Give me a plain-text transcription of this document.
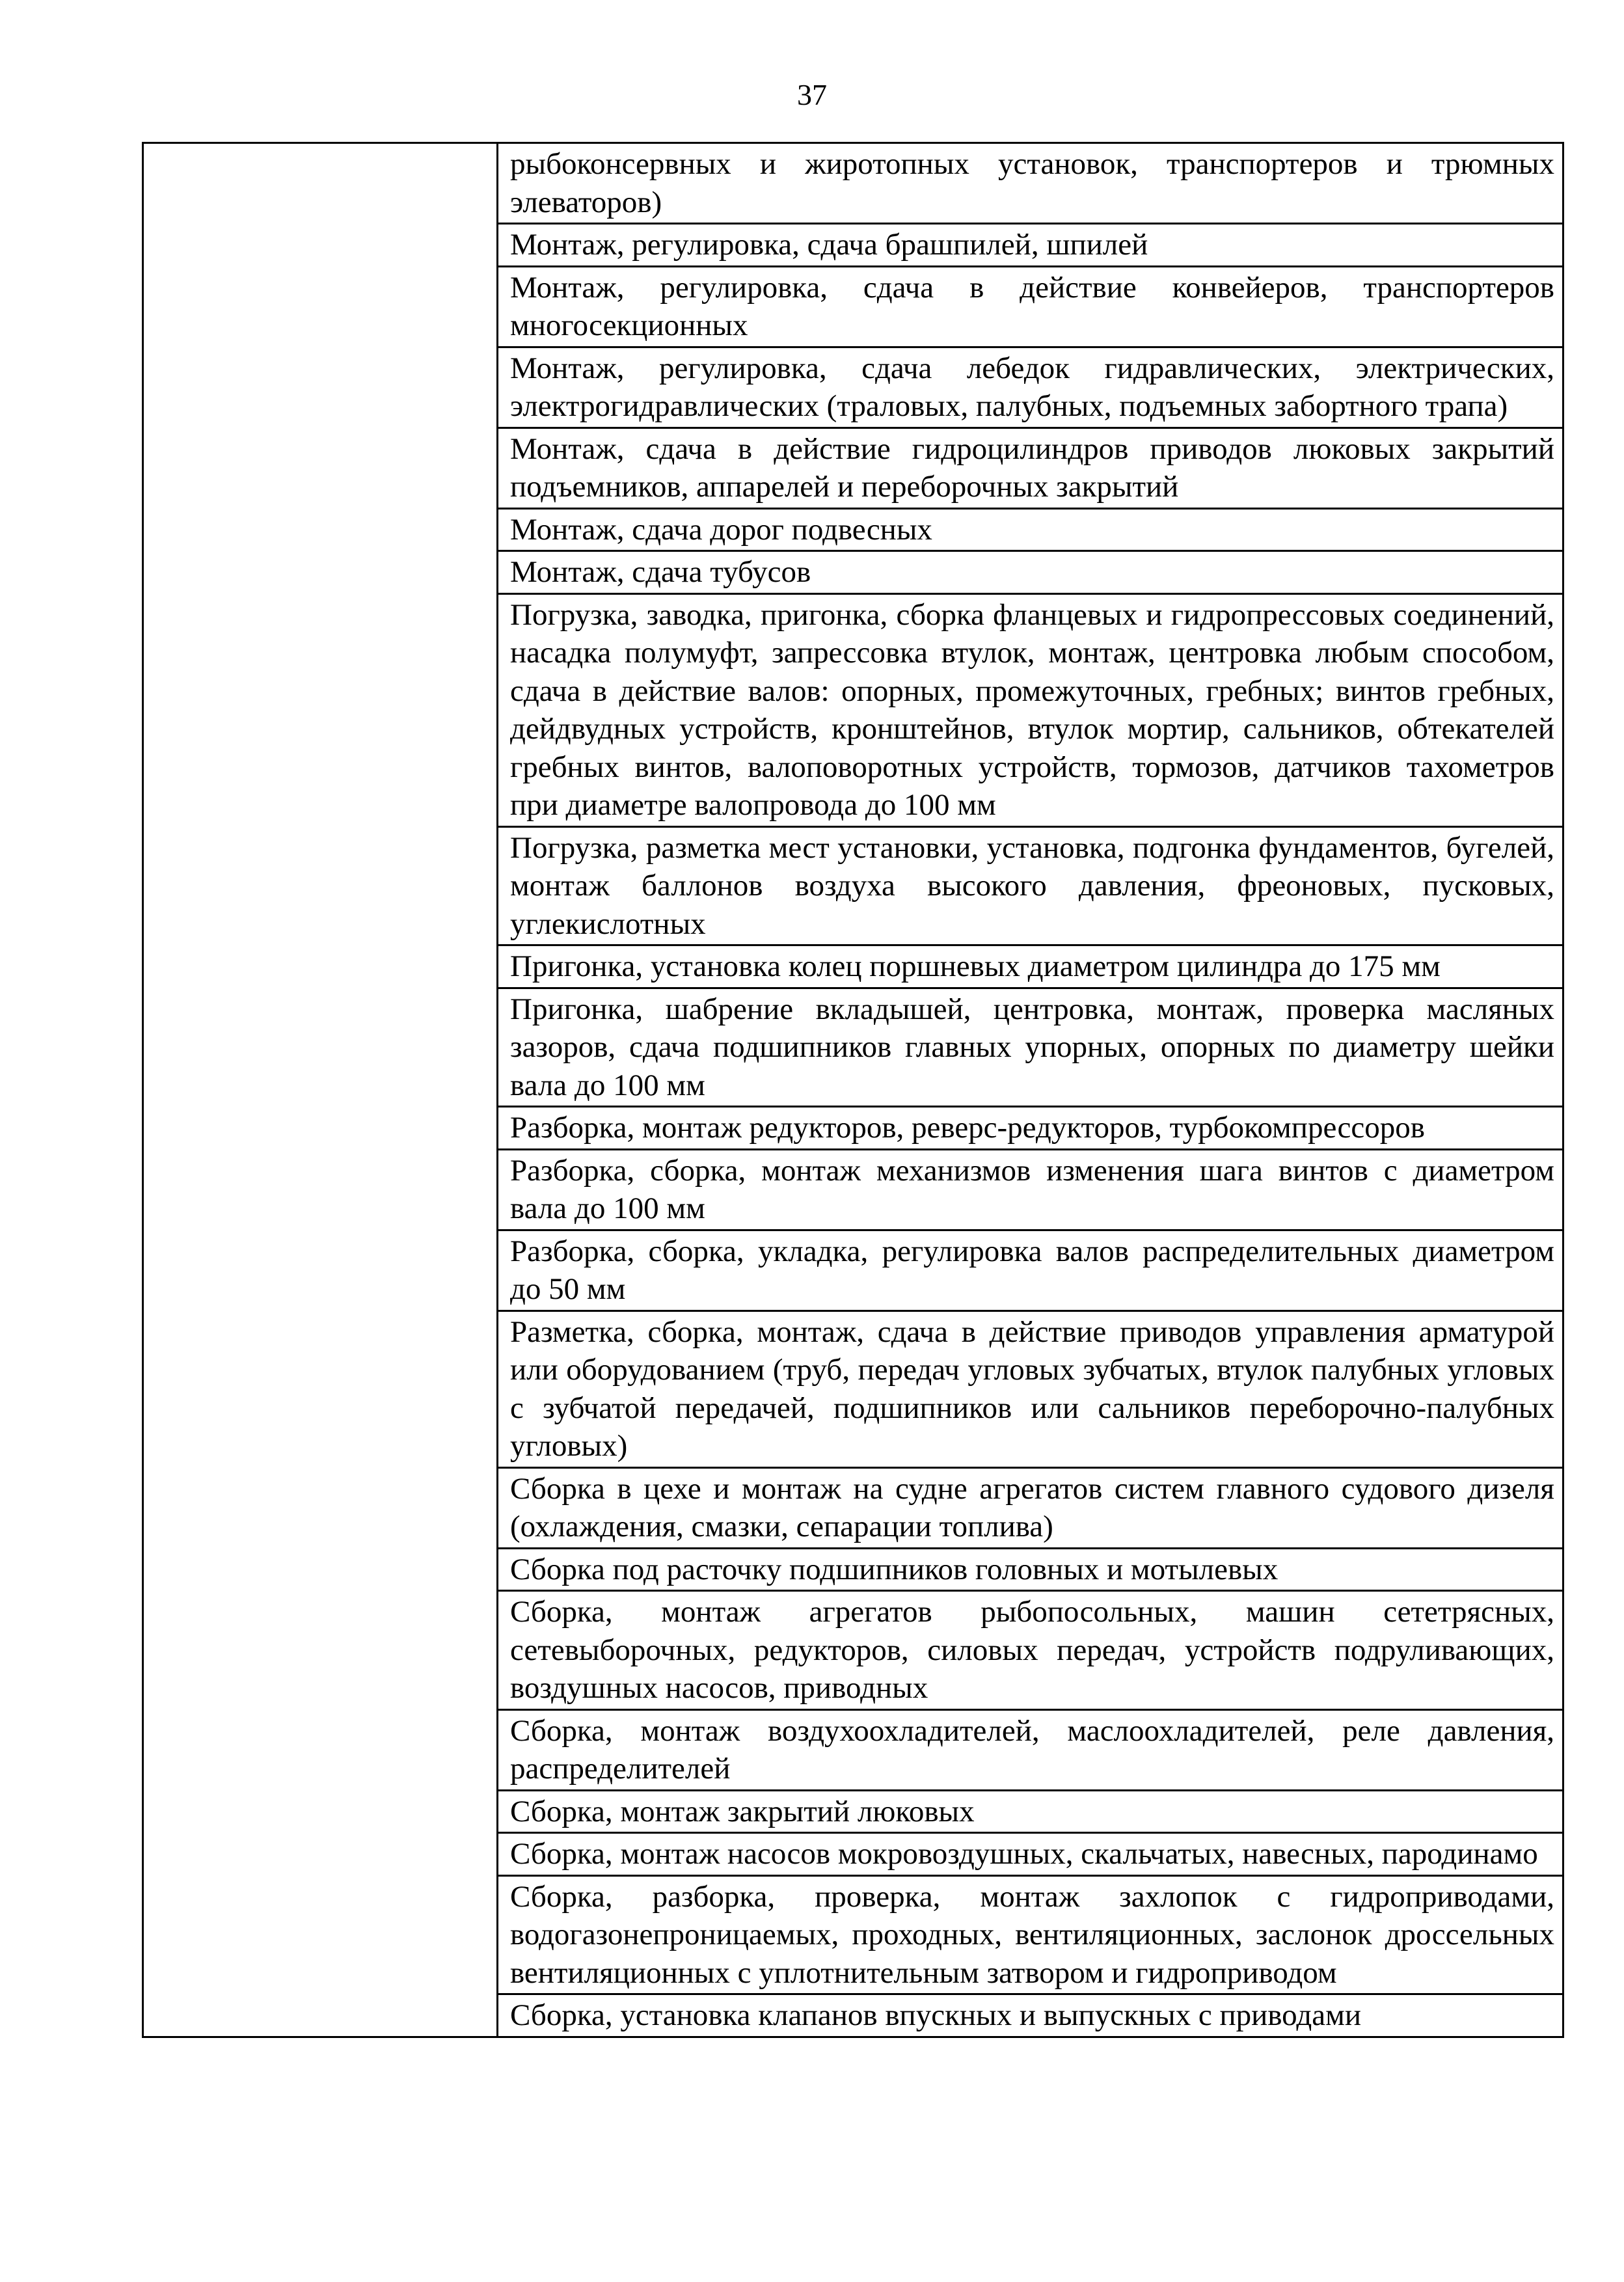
37
рыбоконсервных и жиротопных установок, транспортеров и трюмных элеваторов)
Монтаж, регулировка, сдача брашпилей, шпилей
Монтаж, регулировка, сдача в действие конвейеров, транспортеров многосекционных
Монтаж, регулировка, сдача лебедок гидравлических, электрических, электрогидравлических (траловых, палубных, подъемных забортного трапа)
Монтаж, сдача в действие гидроцилиндров приводов люковых закрытий подъемников, аппарелей и переборочных закрытий
Монтаж, сдача дорог подвесных
Монтаж, сдача тубусов
Погрузка, заводка, пригонка, сборка фланцевых и гидропрессовых соединений, насадка полумуфт, запрессовка втулок, монтаж, центровка любым способом, сдача в действие валов: опорных, промежуточных, гребных; винтов гребных, дейдвудных устройств, кронштейнов, втулок мортир, сальников, обтекателей гребных винтов, валоповоротных устройств, тормозов, датчиков тахометров при диаметре валопровода до 100 мм
Погрузка, разметка мест установки, установка, подгонка фундаментов, бугелей, монтаж баллонов воздуха высокого давления, фреоновых, пусковых, углекислотных
Пригонка, установка колец поршневых диаметром цилиндра до 175 мм
Пригонка, шабрение вкладышей, центровка, монтаж, проверка масляных зазоров, сдача подшипников главных упорных, опорных по диаметру шейки вала до 100 мм
Разборка, монтаж редукторов, реверс-редукторов, турбокомпрессоров
Разборка, сборка, монтаж механизмов изменения шага винтов с диаметром вала до 100 мм
Разборка, сборка, укладка, регулировка валов распределительных диаметром до 50 мм
Разметка, сборка, монтаж, сдача в действие приводов управления арматурой или оборудованием (труб, передач угловых зубчатых, втулок палубных угловых с зубчатой передачей, подшипников или сальников переборочно-палубных угловых)
Сборка в цехе и монтаж на судне агрегатов систем главного судового дизеля (охлаждения, смазки, сепарации топлива)
Сборка под расточку подшипников головных и мотылевых
Сборка, монтаж агрегатов рыбопосольных, машин сететрясных, сетевыборочных, редукторов, силовых передач, устройств подруливающих, воздушных насосов, приводных
Сборка, монтаж воздухоохладителей, маслоохладителей, реле давления, распределителей
Сборка, монтаж закрытий люковых
Сборка, монтаж насосов мокровоздушных, скальчатых, навесных, пародинамо
Сборка, разборка, проверка, монтаж захлопок с гидроприводами, водогазонепроницаемых, проходных, вентиляционных, заслонок дроссельных вентиляционных с уплотнительным затвором и гидроприводом
Сборка, установка клапанов впускных и выпускных с приводами
